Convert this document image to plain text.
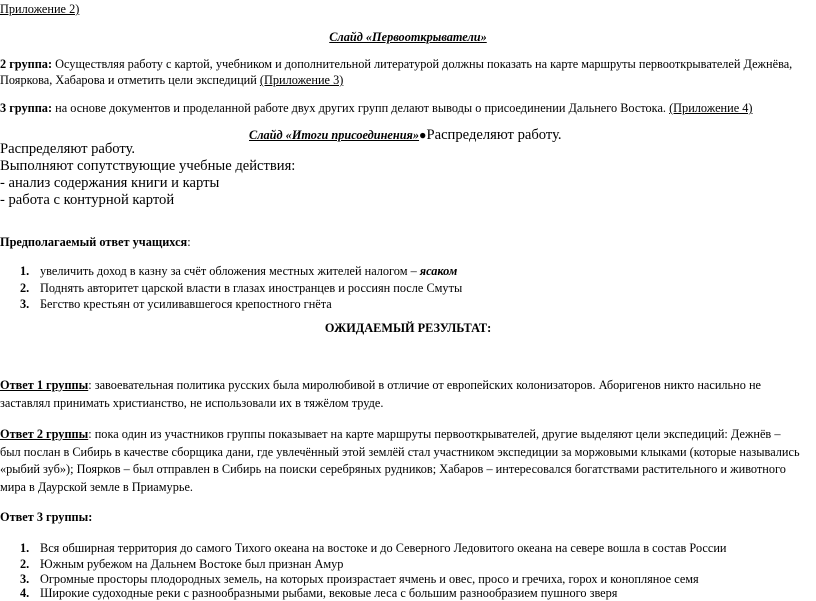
Приложение 2)
Слайд «Первооткрыватели»
2 группа: Осуществляя работу с картой, учебником и дополнительной литературой должны показать на карте маршруты первооткрывателей Дежнёва, Пояркова, Хабарова и отметить цели экспедиций (Приложение 3)
3 группа: на основе документов и проделанной работе двух других групп делают выводы о присоединении Дальнего Востока. (Приложение 4)
Слайд «Итоги присоединения»●Распределяют работу.
Распределяют работу.
Выполняют сопутствующие учебные действия:
- анализ содержания книги и карты
- работа с контурной картой
Предполагаемый ответ учащихся:
1. увеличить доход в казну за счёт обложения местных жителей налогом – ясаком
2. Поднять авторитет царской власти в глазах иностранцев и россиян после Смуты
3. Бегство крестьян от усиливавшегося крепостного гнёта
ОЖИДАЕМЫЙ РЕЗУЛЬТАТ:
Ответ 1 группы: завоевательная политика русских была миролюбивой в отличие от европейских колонизаторов. Аборигенов никто насильно не заставлял принимать христианство, не использовали их в тяжёлом труде.
Ответ 2 группы: пока один из участников группы показывает на карте маршруты первооткрывателей, другие выделяют цели экспедиций: Дежнёв – был послан в Сибирь в качестве сборщика дани, где увлечённый этой землёй стал участником экспедиции за моржовыми клыками (которые назывались «рыбий зуб»); Поярков – был отправлен в Сибирь на поиски серебряных рудников; Хабаров – интересовался богатствами растительного и животного мира в Даурской земле в Приамурье.
Ответ 3 группы:
1. Вся обширная территория до самого Тихого океана на востоке и до Северного Ледовитого океана на севере вошла в состав России
2. Южным рубежом на Дальнем Востоке был признан Амур
3. Огромные просторы плодородных земель, на которых произрастает ячмень и овес, просо и гречиха, горох и конопляное семя
4. Широкие судоходные реки с разнообразными рыбами, вековые леса с большим разнообразием пушного зверя
